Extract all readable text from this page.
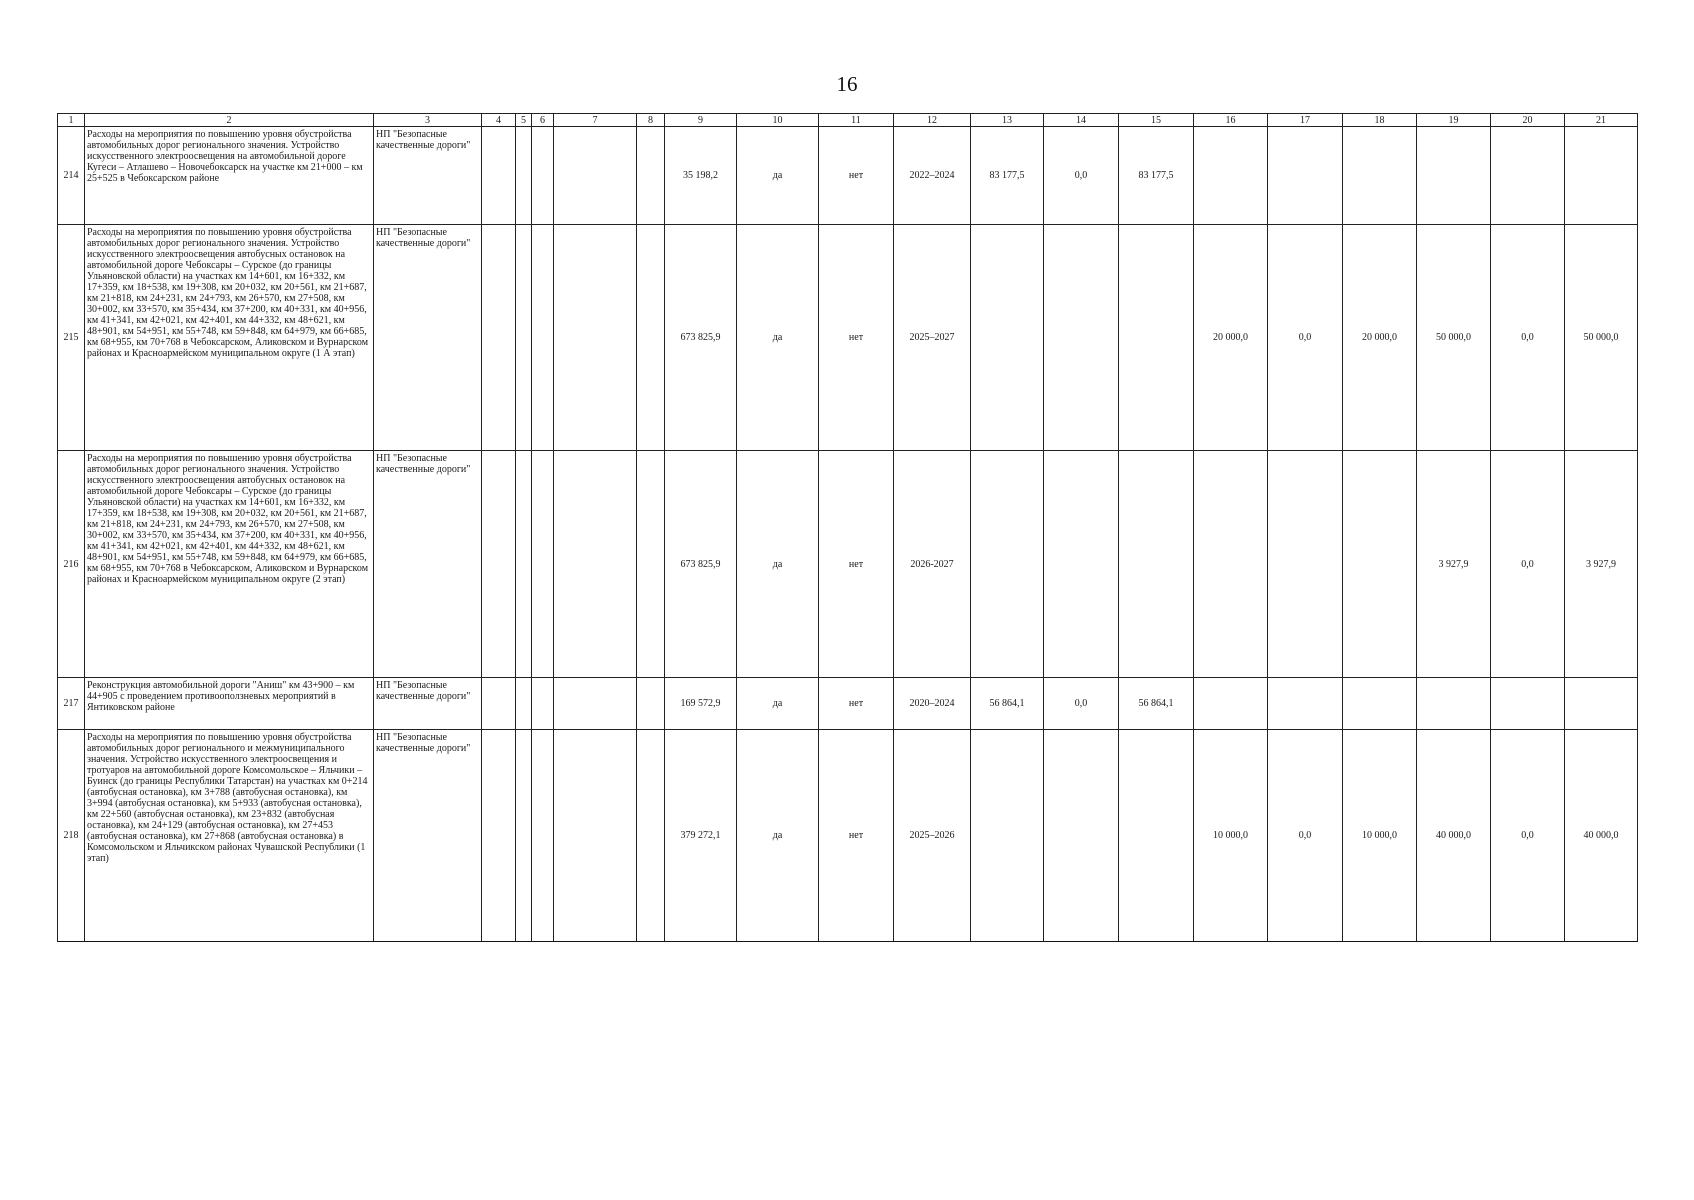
16
1	2	3	4	5	6	7	8	9	10	11	12	13	14	15	16	17	18	19	20	21
214	Расходы на мероприятия по повышению уровня обустройства автомобильных дорог регионального значения. Устройство искусственного электроосвещения на автомобильной дороге Кугеси – Атлашево – Новочебоксарск на участке км 21+000 – км 25+525 в Чебоксарском районе	НП "Безопасные качественные дороги"						35 198,2	да	нет	2022–2024	83 177,5	0,0	83 177,5						
215	Расходы на мероприятия по повышению уровня обустройства автомобильных дорог регионального значения. Устройство искусственного электроосвещения автобусных остановок на автомобильной дороге Чебоксары – Сурское (до границы Ульяновской области) на участках км 14+601, км 16+332, км 17+359, км 18+538, км 19+308, км 20+032, км 20+561, км 21+687, км 21+818, км 24+231, км 24+793, км 26+570, км 27+508, км 30+002, км 33+570, км 35+434, км 37+200, км 40+331, км 40+956, км 41+341, км 42+021, км 42+401, км 44+332, км 48+621, км 48+901, км 54+951, км 55+748, км 59+848, км 64+979, км 66+685, км 68+955, км 70+768 в Чебоксарском, Аликовском и Вурнарском районах и Красноармейском муниципальном округе (1 А этап)	НП "Безопасные качественные дороги"						673 825,9	да	нет	2025–2027				20 000,0	0,0	20 000,0	50 000,0	0,0	50 000,0
216	Расходы на мероприятия по повышению уровня обустройства автомобильных дорог регионального значения. Устройство искусственного электроосвещения автобусных остановок на автомобильной дороге Чебоксары – Сурское (до границы Ульяновской области) на участках км 14+601, км 16+332, км 17+359, км 18+538, км 19+308, км 20+032, км 20+561, км 21+687, км 21+818, км 24+231, км 24+793, км 26+570, км 27+508, км 30+002, км 33+570, км 35+434, км 37+200, км 40+331, км 40+956, км 41+341, км 42+021, км 42+401, км 44+332, км 48+621, км 48+901, км 54+951, км 55+748, км 59+848, км 64+979, км 66+685, км 68+955, км 70+768 в Чебоксарском, Аликовском и Вурнарском районах и Красноармейском муниципальном округе (2 этап)	НП "Безопасные качественные дороги"						673 825,9	да	нет	2026-2027							3 927,9	0,0	3 927,9
217	Реконструкция автомобильной дороги "Аниш" км 43+900 – км 44+905 с проведением противооползневых мероприятий в Янтиковском районе	НП "Безопасные качественные дороги"						169 572,9	да	нет	2020–2024	56 864,1	0,0	56 864,1						
218	Расходы на мероприятия по повышению уровня обустройства автомобильных дорог регионального и межмуниципального значения. Устройство искусственного электроосвещения и тротуаров на автомобильной дороге Комсомольское – Яльчики – Буинск (до границы Республики Татарстан) на участках км 0+214 (автобусная остановка), км 3+788 (автобусная остановка), км 3+994 (автобусная остановка), км 5+933 (автобусная остановка), км 22+560 (автобусная остановка), км 23+832 (автобусная остановка), км 24+129 (автобусная остановка), км 27+453 (автобусная остановка), км 27+868 (автобусная остановка) в Комсомольском и Яльчикском районах Чувашской Республики (1 этап)	НП "Безопасные качественные дороги"						379 272,1	да	нет	2025–2026				10 000,0	0,0	10 000,0	40 000,0	0,0	40 000,0
